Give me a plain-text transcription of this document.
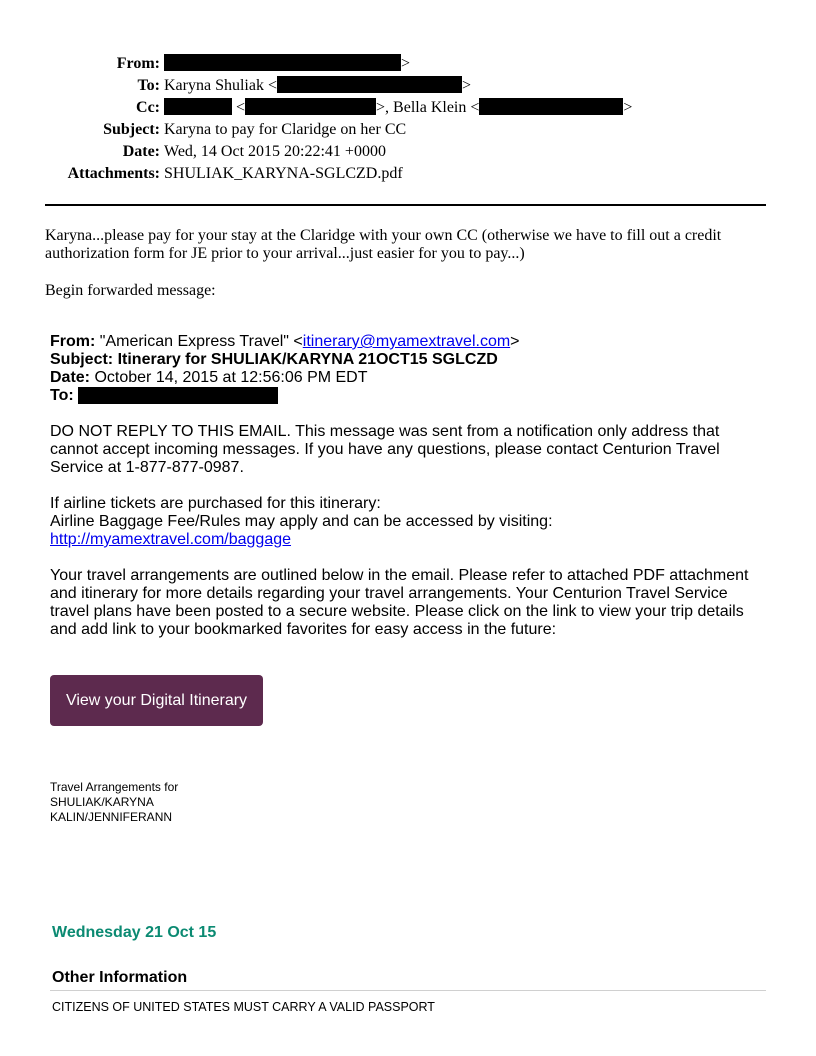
From:	>
To: Karyna Shuliak <	>
Cc:	<	>, Bella Klein <	>
Subject: Karyna to pay for Claridge on her CC
Date: Wed, 14 Oct 2015 20:22:41 +0000
Attachments: SHULIAK_KARYNA-SGLCZD.pdf
Karyna...please pay for your stay at the Claridge with your own CC (otherwise we have to fill out a credit authorization form for JE prior to your arrival...just easier for you to pay...)
Begin forwarded message:

From: "American Express Travel" <itinerary@myamextravel.com>

Subject: Itinerary for SHULIAK/KARYNA 21OCT15 SGLCZD

Date: October 14, 2015 at 12:56:06 PM EDT

To:

DO NOT REPLY TO THIS EMAIL. This message was sent from a notification only address that cannot accept incoming messages. If you have any questions, please contact Centurion Travel Service at 1-877-877-0987.

If airline tickets are purchased for this itinerary:

Airline Baggage Fee/Rules may apply and can be accessed by visiting:

http://myamextravel.com/baggage

Your travel arrangements are outlined below in the email. Please refer to attached PDF attachment and itinerary for more details regarding your travel arrangements. Your Centurion Travel Service travel plans have been posted to a secure website. Please click on the link to view your trip details and add link to your bookmarked favorites for easy access in the future:

View your Digital Itinerary
Travel Arrangements for
SHULIAK/KARYNA
KALIN/JENNIFERANN
Wednesday 21 Oct 15
Other Information
CITIZENS OF UNITED STATES MUST CARRY A VALID PASSPORT
